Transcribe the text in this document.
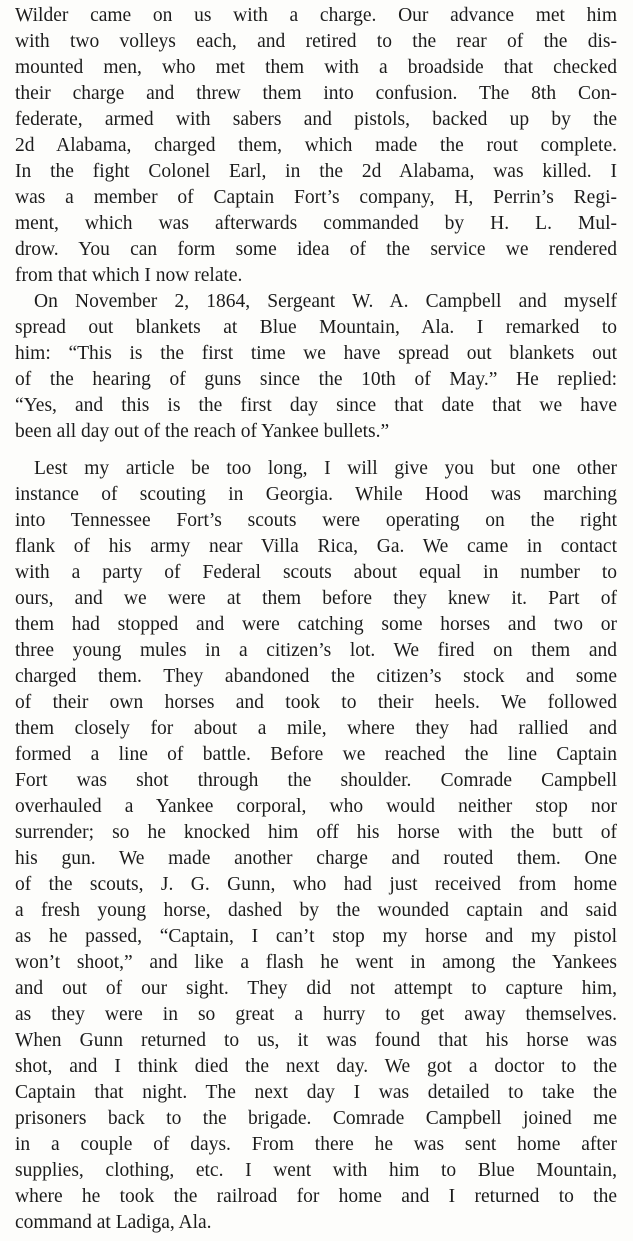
Wilder came on us with a charge. Our advance met him
with two volleys each, and retired to the rear of the dis-
mounted men, who met them with a broadside that checked
their charge and threw them into confusion. The 8th Con-
federate, armed with sabers and pistols, backed up by the
2d Alabama, charged them, which made the rout complete.
In the fight Colonel Earl, in the 2d Alabama, was killed. I
was a member of Captain Fort’s company, H, Perrin’s Regi-
ment, which was afterwards commanded by H. L. Mul-
drow. You can form some idea of the service we rendered
from that which I now relate.
On November 2, 1864, Sergeant W. A. Campbell and myself
spread out blankets at Blue Mountain, Ala. I remarked to
him: “This is the first time we have spread out blankets out
of the hearing of guns since the 10th of May.” He replied:
“Yes, and this is the first day since that date that we have
been all day out of the reach of Yankee bullets.”
Lest my article be too long, I will give you but one other
instance of scouting in Georgia. While Hood was marching
into Tennessee Fort’s scouts were operating on the right
flank of his army near Villa Rica, Ga. We came in contact
with a party of Federal scouts about equal in number to
ours, and we were at them before they knew it. Part of
them had stopped and were catching some horses and two or
three young mules in a citizen’s lot. We fired on them and
charged them. They abandoned the citizen’s stock and some
of their own horses and took to their heels. We followed
them closely for about a mile, where they had rallied and
formed a line of battle. Before we reached the line Captain
Fort was shot through the shoulder. Comrade Campbell
overhauled a Yankee corporal, who would neither stop nor
surrender; so he knocked him off his horse with the butt of
his gun. We made another charge and routed them. One
of the scouts, J. G. Gunn, who had just received from home
a fresh young horse, dashed by the wounded captain and said
as he passed, “Captain, I can’t stop my horse and my pistol
won’t shoot,” and like a flash he went in among the Yankees
and out of our sight. They did not attempt to capture him,
as they were in so great a hurry to get away themselves.
When Gunn returned to us, it was found that his horse was
shot, and I think died the next day. We got a doctor to the
Captain that night. The next day I was detailed to take the
prisoners back to the brigade. Comrade Campbell joined me
in a couple of days. From there he was sent home after
supplies, clothing, etc. I went with him to Blue Mountain,
where he took the railroad for home and I returned to the
command at Ladiga, Ala.
